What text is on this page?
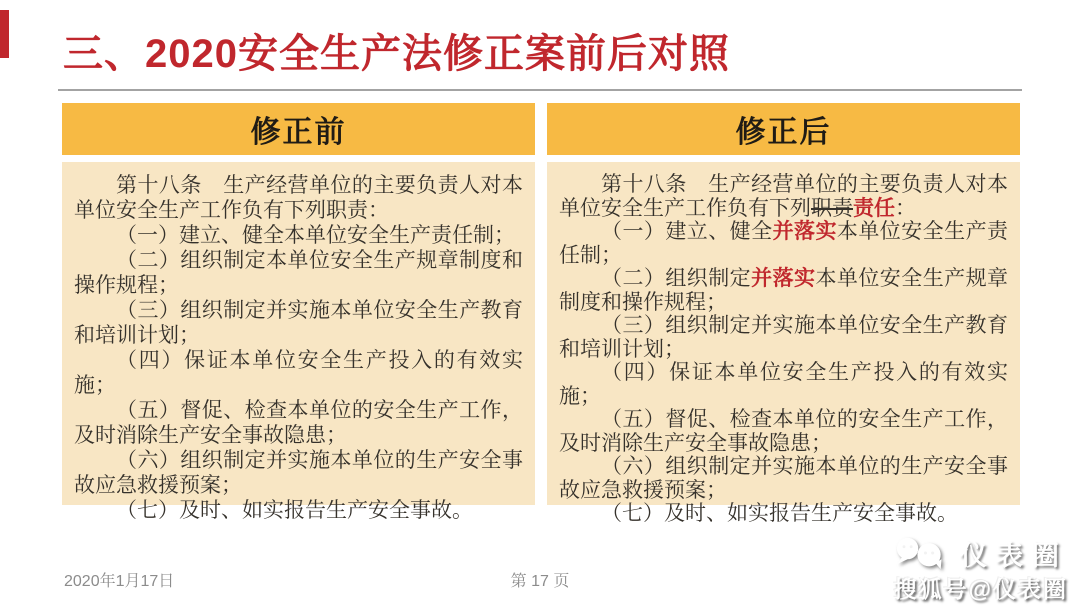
三、2020安全生产法修正案前后对照
修正前

第十八条　生产经营单位的主要负责人对本单位安全生产工作负有下列职责：

（一）建立、健全本单位安全生产责任制；

（二）组织制定本单位安全生产规章制度和操作规程；

（三）组织制定并实施本单位安全生产教育和培训计划；

（四）保证本单位安全生产投入的有效实施；

（五）督促、检查本单位的安全生产工作，及时消除生产安全事故隐患；

（六）组织制定并实施本单位的生产安全事故应急救援预案；

（七）及时、如实报告生产安全事故。

修正后

第十八条　生产经营单位的主要负责人对本单位安全生产工作负有下列职责责任：

（一）建立、健全并落实本单位安全生产责任制；

（二）组织制定并落实本单位安全生产规章制度和操作规程；

（三）组织制定并实施本单位安全生产教育和培训计划；

（四）保证本单位安全生产投入的有效实施；

（五）督促、检查本单位的安全生产工作，及时消除生产安全事故隐患；

（六）组织制定并实施本单位的生产安全事故应急救援预案；

（七）及时、如实报告生产安全事故。

2020年1月17日	第 17 页
仪表圈
搜狐号@仪表圈
